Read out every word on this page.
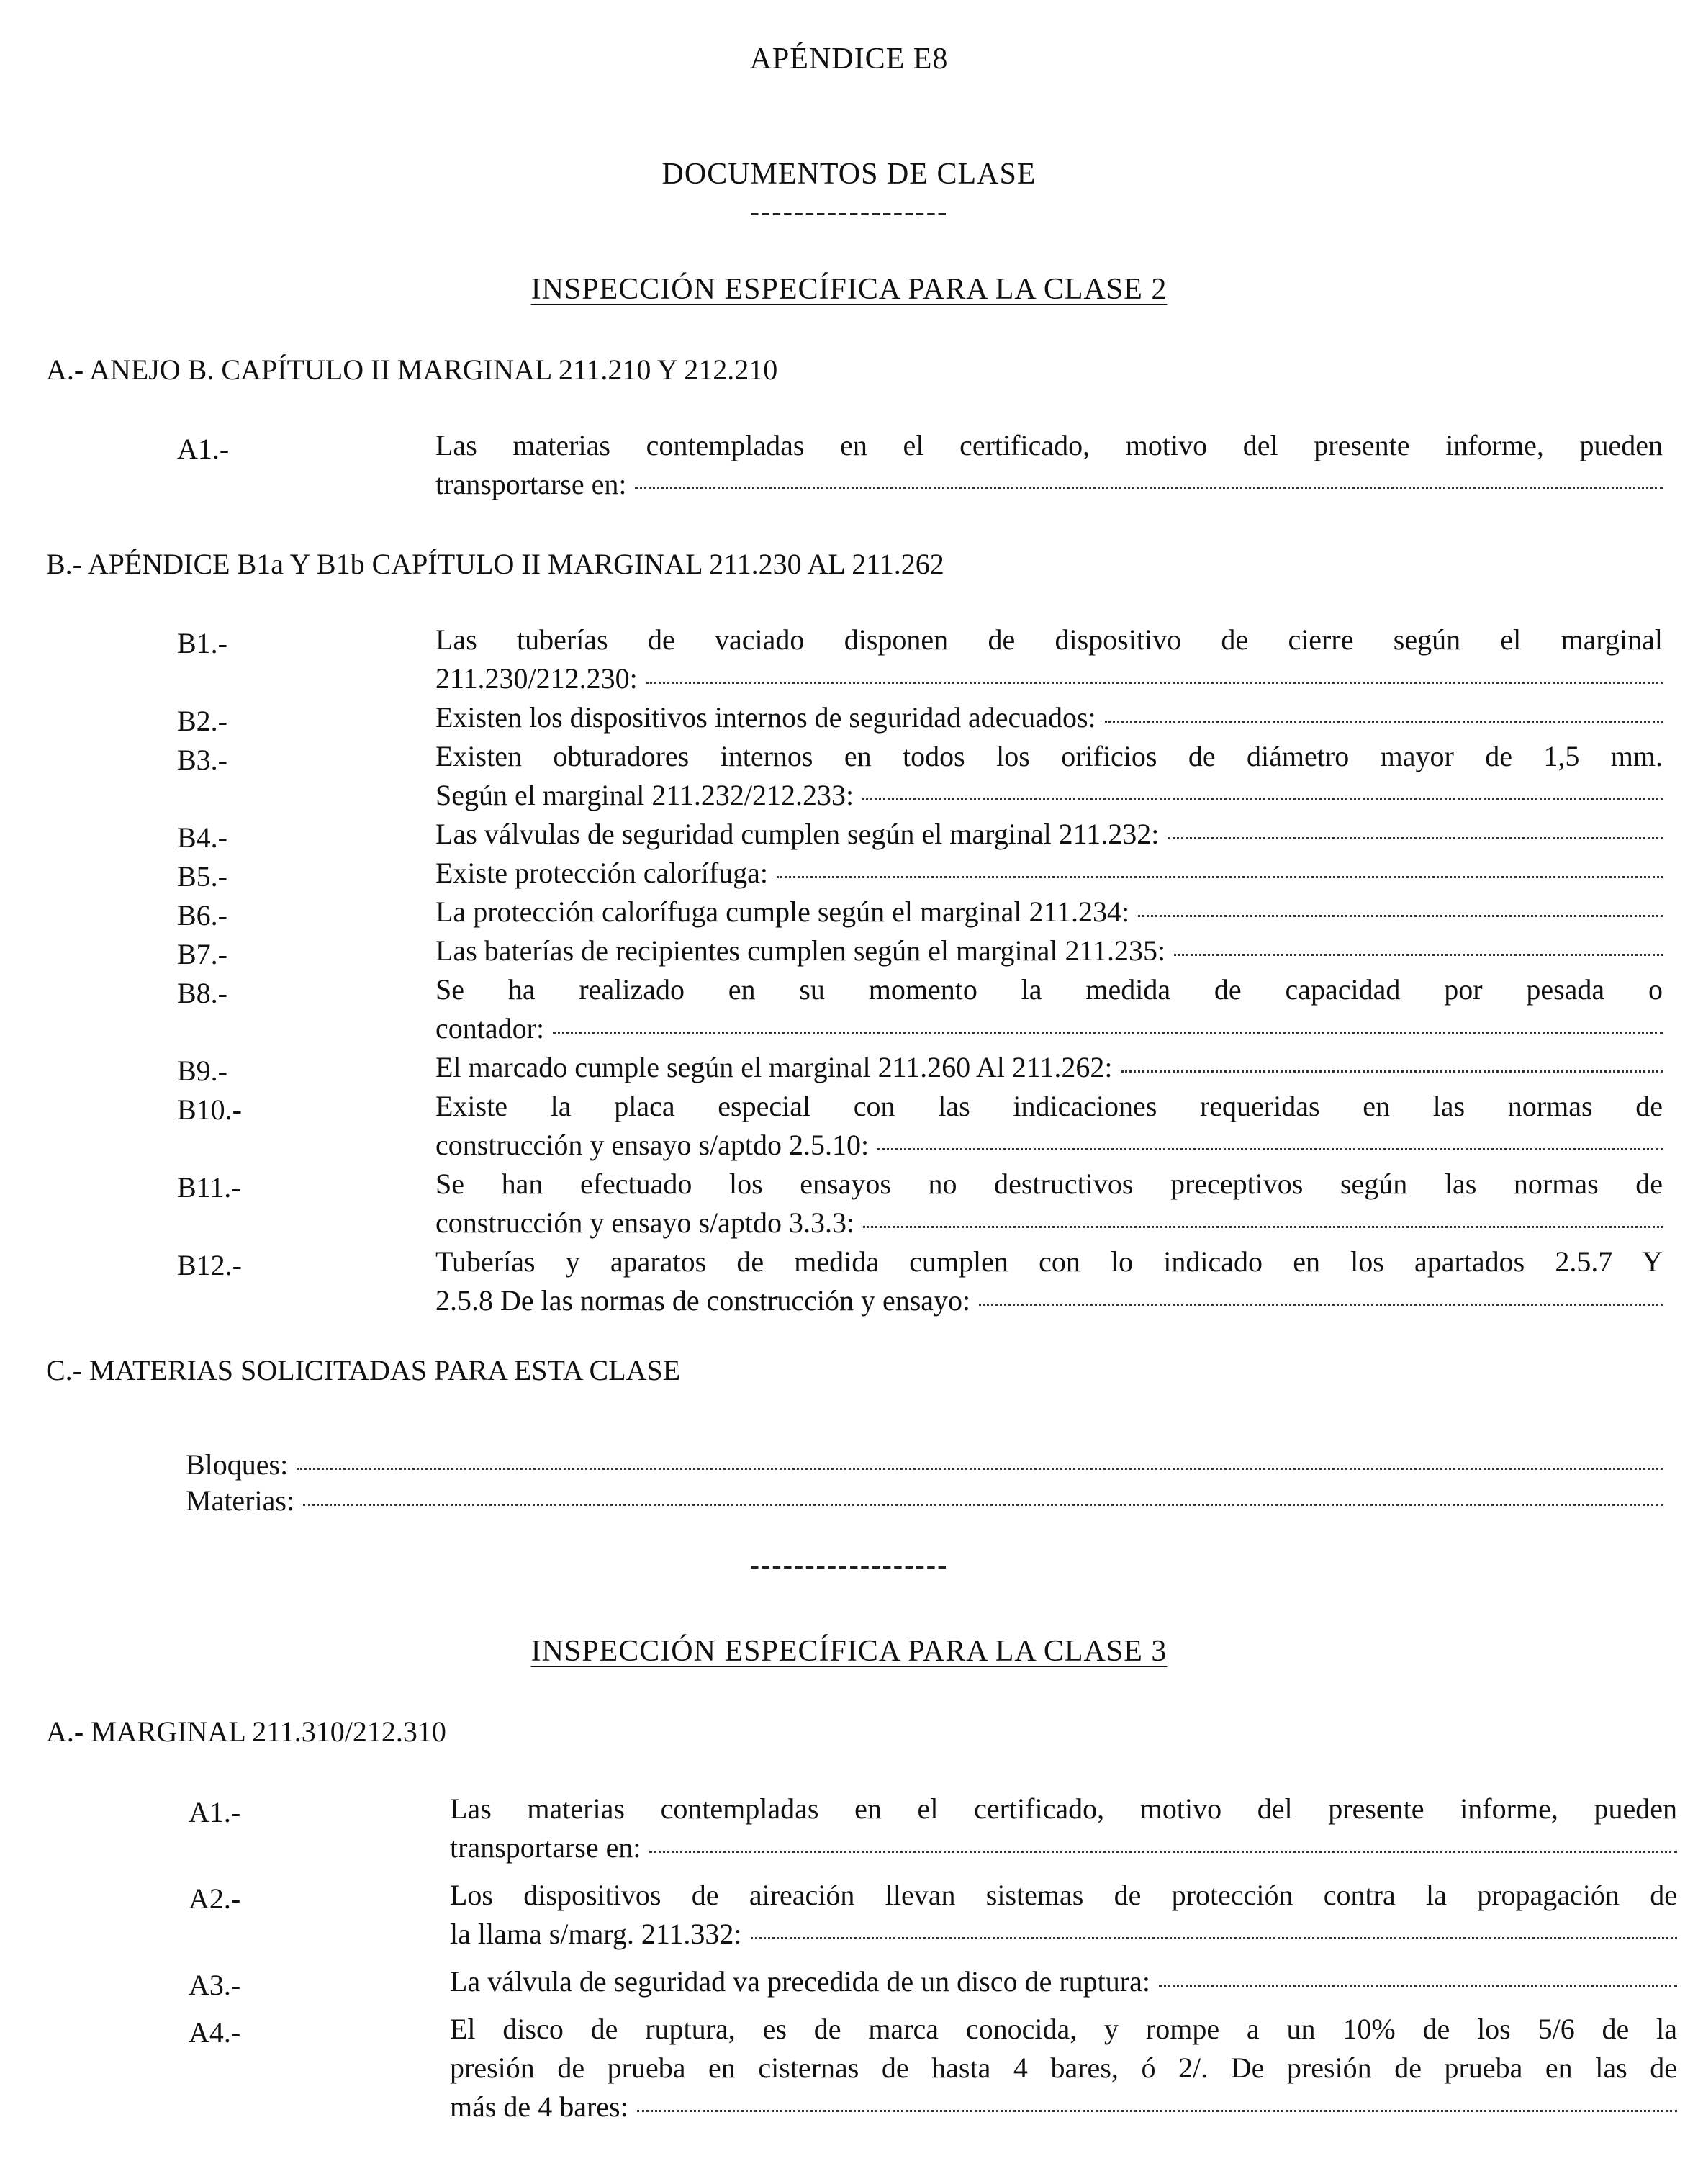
APÉNDICE E8
DOCUMENTOS DE CLASE
------------------
INSPECCIÓN ESPECÍFICA PARA LA CLASE 2
A.- ANEJO B. CAPÍTULO II MARGINAL 211.210 Y 212.210
A1.-	Las materias contempladas en el certificado, motivo del presente informe, pueden
transportarse en:
B.- APÉNDICE B1a Y B1b CAPÍTULO II MARGINAL 211.230 AL 211.262
B1.-	Las tuberías de vaciado disponen de dispositivo de cierre según el marginal
211.230/212.230:
B2.-	Existen los dispositivos internos de seguridad adecuados:
B3.-	Existen obturadores internos en todos los orificios de diámetro mayor de 1,5 mm.
Según el marginal 211.232/212.233:
B4.-	Las válvulas de seguridad cumplen según el marginal 211.232:
B5.-	Existe protección calorífuga:
B6.-	La protección calorífuga cumple según el marginal 211.234:
B7.-	Las baterías de recipientes cumplen según el marginal 211.235:
B8.-	Se ha realizado en su momento la medida de capacidad por pesada o
contador:
B9.-	El marcado cumple según el marginal 211.260 Al 211.262:
B10.-	Existe la placa especial con las indicaciones requeridas en las normas de
construcción y ensayo s/aptdo 2.5.10:
B11.-	Se han efectuado los ensayos no destructivos preceptivos según las normas de
construcción y ensayo s/aptdo 3.3.3:
B12.-	Tuberías y aparatos de medida cumplen con lo indicado en los apartados 2.5.7 Y
2.5.8 De las normas de construcción y ensayo:
C.- MATERIAS SOLICITADAS PARA ESTA CLASE
Bloques:
Materias:
------------------
INSPECCIÓN ESPECÍFICA PARA LA CLASE 3
A.- MARGINAL 211.310/212.310
A1.-	Las materias contempladas en el certificado, motivo del presente informe, pueden
transportarse en:
A2.-	Los dispositivos de aireación llevan sistemas de protección contra la propagación de
la llama s/marg. 211.332:
A3.-	La válvula de seguridad va precedida de un disco de ruptura:
A4.-	El disco de ruptura, es de marca conocida, y rompe a un 10% de los 5/6 de la
presión de prueba en cisternas de hasta 4 bares, ó 2/. De presión de prueba en las de
más de 4 bares:
